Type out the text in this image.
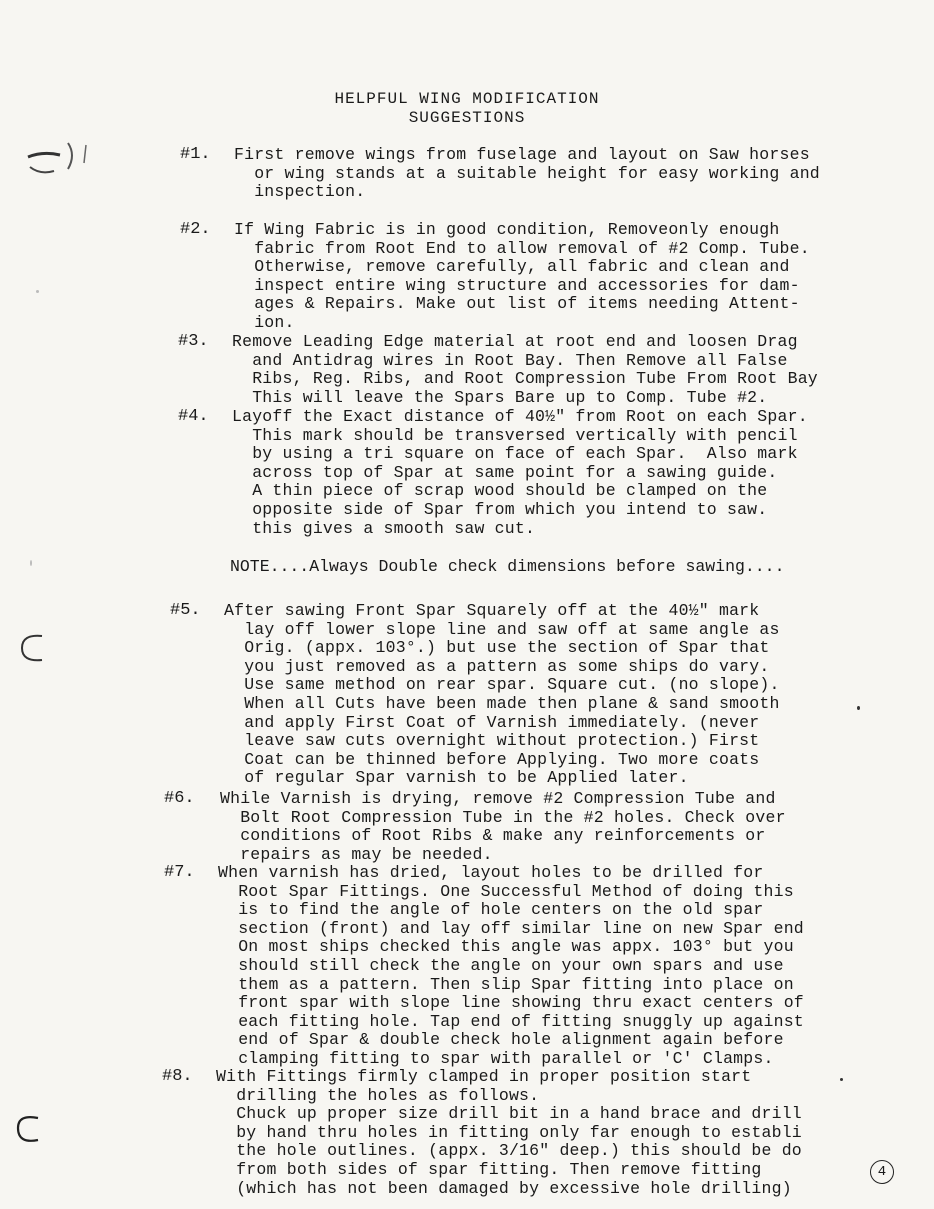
HELPFUL WING MODIFICATION
SUGGESTIONS
#1. First remove wings from fuselage and layout on Saw horses
or wing stands at a suitable height for easy working and
inspection.
#2. If Wing Fabric is in good condition, Removeonly enough
fabric from Root End to allow removal of #2 Comp. Tube.
Otherwise, remove carefully, all fabric and clean and
inspect entire wing structure and accessories for dam-
ages & Repairs. Make out list of items needing Attent-
ion.
#3. Remove Leading Edge material at root end and loosen Drag
and Antidrag wires in Root Bay. Then Remove all False
Ribs, Reg. Ribs, and Root Compression Tube From Root Bay
This will leave the Spars Bare up to Comp. Tube #2.
#4. Layoff the Exact distance of 40½" from Root on each Spar.
This mark should be transversed vertically with pencil
by using a tri square on face of each Spar.  Also mark
across top of Spar at same point for a sawing guide.
A thin piece of scrap wood should be clamped on the
opposite side of Spar from which you intend to saw.
this gives a smooth saw cut.
NOTE....Always Double check dimensions before sawing....
#5. After sawing Front Spar Squarely off at the 40½" mark
lay off lower slope line and saw off at same angle as
Orig. (appx. 103°.) but use the section of Spar that
you just removed as a pattern as some ships do vary.
Use same method on rear spar. Square cut. (no slope).
When all Cuts have been made then plane & sand smooth
and apply First Coat of Varnish immediately. (never
leave saw cuts overnight without protection.) First
Coat can be thinned before Applying. Two more coats
of regular Spar varnish to be Applied later.
#6. While Varnish is drying, remove #2 Compression Tube and
Bolt Root Compression Tube in the #2 holes. Check over
conditions of Root Ribs & make any reinforcements or
repairs as may be needed.
#7. When varnish has dried, layout holes to be drilled for
Root Spar Fittings. One Successful Method of doing this
is to find the angle of hole centers on the old spar
section (front) and lay off similar line on new Spar end
On most ships checked this angle was appx. 103° but you
should still check the angle on your own spars and use
them as a pattern. Then slip Spar fitting into place on
front spar with slope line showing thru exact centers of
each fitting hole. Tap end of fitting snuggly up against
end of Spar & double check hole alignment again before
clamping fitting to spar with parallel or 'C' Clamps.
#8. With Fittings firmly clamped in proper position start
drilling the holes as follows.
Chuck up proper size drill bit in a hand brace and drill
by hand thru holes in fitting only far enough to establi
the hole outlines. (appx. 3/16" deep.) this should be do
from both sides of spar fitting. Then remove fitting
(which has not been damaged by excessive hole drilling)
4
